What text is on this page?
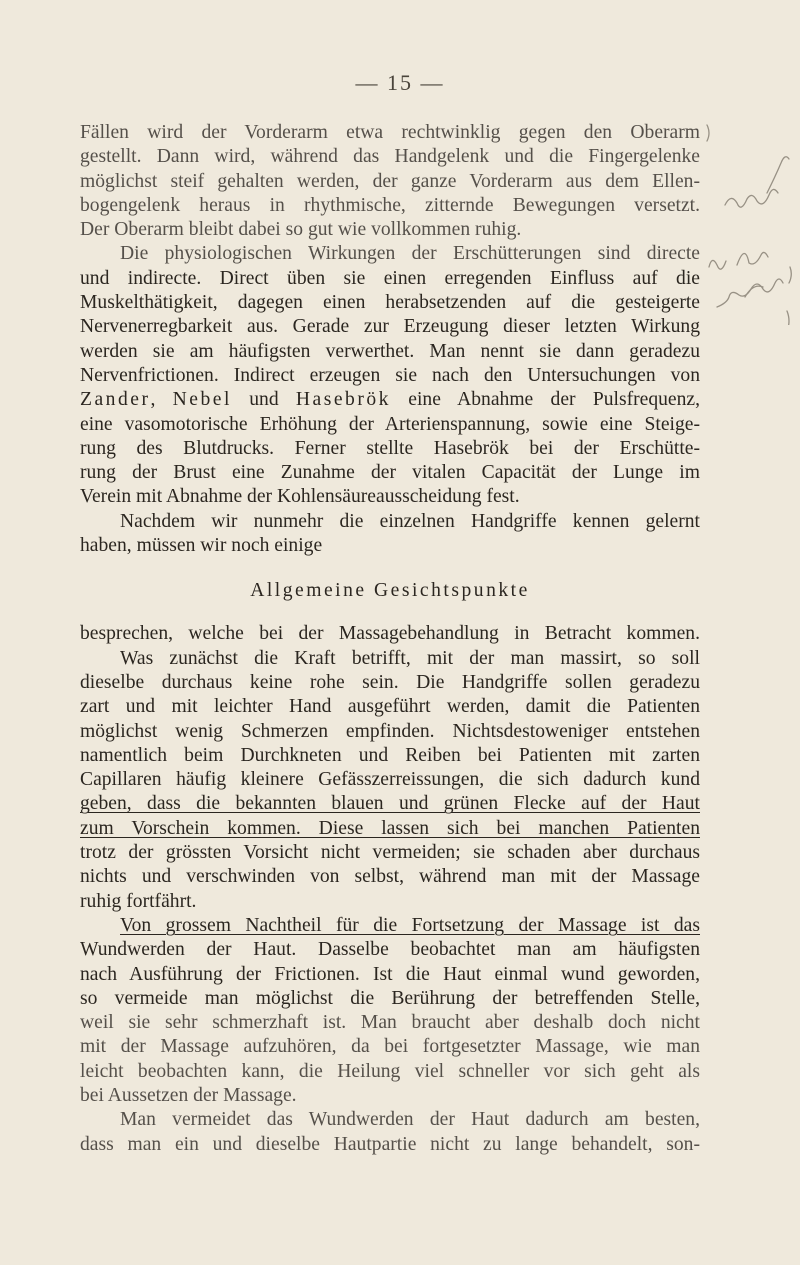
— 15 —
Fällen wird der Vorderarm etwa rechtwinklig gegen den Oberarm
gestellt. Dann wird, während das Handgelenk und die Fingergelenke
möglichst steif gehalten werden, der ganze Vorderarm aus dem Ellen-
bogengelenk heraus in rhythmische, zitternde Bewegungen versetzt.
Der Oberarm bleibt dabei so gut wie vollkommen ruhig.
Die physiologischen Wirkungen der Erschütterungen sind directe
und indirecte. Direct üben sie einen erregenden Einfluss auf die
Muskelthätigkeit, dagegen einen herabsetzenden auf die gesteigerte
Nervenerregbarkeit aus. Gerade zur Erzeugung dieser letzten Wirkung
werden sie am häufigsten verwerthet. Man nennt sie dann geradezu
Nervenfrictionen. Indirect erzeugen sie nach den Untersuchungen von
Zander, Nebel und Hasebrök eine Abnahme der Pulsfrequenz,
eine vasomotorische Erhöhung der Arterienspannung, sowie eine Steige-
rung des Blutdrucks. Ferner stellte Hasebrök bei der Erschütte-
rung der Brust eine Zunahme der vitalen Capacität der Lunge im
Verein mit Abnahme der Kohlensäureausscheidung fest.
Nachdem wir nunmehr die einzelnen Handgriffe kennen gelernt
haben, müssen wir noch einige
Allgemeine Gesichtspunkte
besprechen, welche bei der Massagebehandlung in Betracht kommen.
Was zunächst die Kraft betrifft, mit der man massirt, so soll
dieselbe durchaus keine rohe sein. Die Handgriffe sollen geradezu
zart und mit leichter Hand ausgeführt werden, damit die Patienten
möglichst wenig Schmerzen empfinden. Nichtsdestoweniger entstehen
namentlich beim Durchkneten und Reiben bei Patienten mit zarten
Capillaren häufig kleinere Gefässzerreissungen, die sich dadurch kund
geben, dass die bekannten blauen und grünen Flecke auf der Haut
zum Vorschein kommen. Diese lassen sich bei manchen Patienten
trotz der grössten Vorsicht nicht vermeiden; sie schaden aber durchaus
nichts und verschwinden von selbst, während man mit der Massage
ruhig fortfährt.
Von grossem Nachtheil für die Fortsetzung der Massage ist das
Wundwerden der Haut. Dasselbe beobachtet man am häufigsten
nach Ausführung der Frictionen. Ist die Haut einmal wund geworden,
so vermeide man möglichst die Berührung der betreffenden Stelle,
weil sie sehr schmerzhaft ist. Man braucht aber deshalb doch nicht
mit der Massage aufzuhören, da bei fortgesetzter Massage, wie man
leicht beobachten kann, die Heilung viel schneller vor sich geht als
bei Aussetzen der Massage.
Man vermeidet das Wundwerden der Haut dadurch am besten,
dass man ein und dieselbe Hautpartie nicht zu lange behandelt, son-
